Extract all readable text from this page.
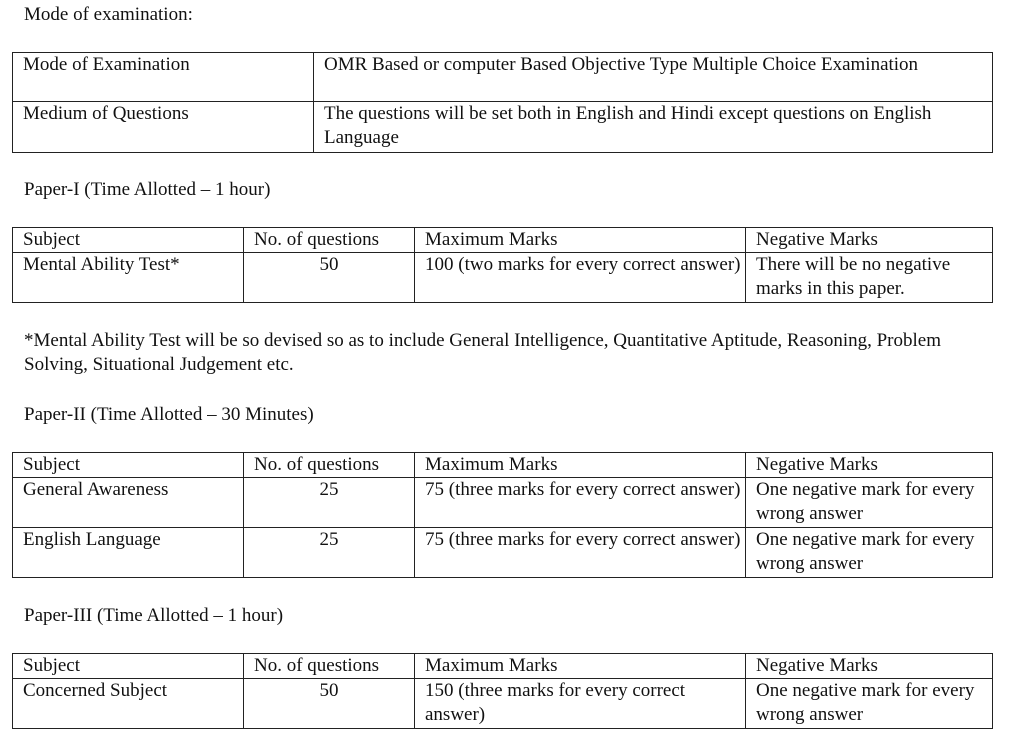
Mode of examination:
Mode of Examination	OMR Based or computer Based Objective Type Multiple Choice Examination
Medium of Questions	The questions will be set both in English and Hindi except questions on English Language
Paper-I (Time Allotted – 1 hour)
Subject	No. of questions	Maximum Marks	Negative Marks
Mental Ability Test*	50	100 (two marks for every correct answer)	There will be no negative marks in this paper.
*Mental Ability Test will be so devised so as to include General Intelligence, Quantitative Aptitude, Reasoning, Problem Solving, Situational Judgement etc.
Paper-II (Time Allotted – 30 Minutes)
Subject	No. of questions	Maximum Marks	Negative Marks
General Awareness	25	75 (three marks for every correct answer)	One negative mark for every wrong answer
English Language	25	75 (three marks for every correct answer)	One negative mark for every wrong answer
Paper-III (Time Allotted – 1 hour)
Subject	No. of questions	Maximum Marks	Negative Marks
Concerned Subject	50	150 (three marks for every correct answer)	One negative mark for every wrong answer
